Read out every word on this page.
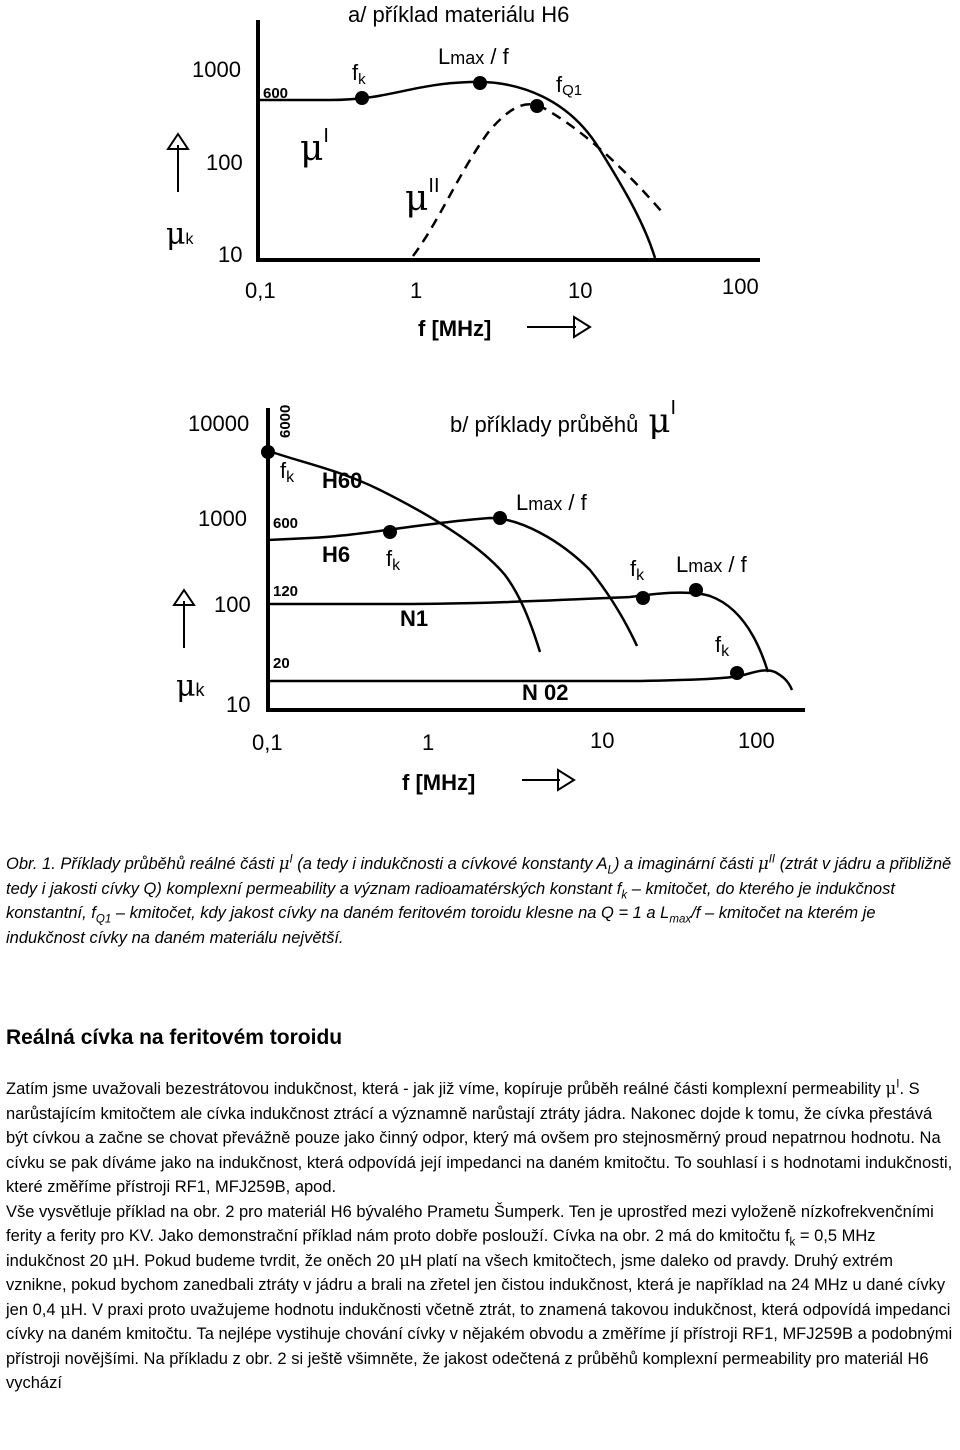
a/ příklad materiálu H6
1000
100
10
600
μk
0,1	1	10	100
f [MHz]
fk
Lmax / f
fQ1
μI
μII
b/ příklady průběhů μI
10000
1000
100
10
6000
600
120
20
μk
0,1	1	10	100
f [MHz]
fk H60
H6 fk
N1
Lmax / f
fk Lmax / f
fk
N 02
Obr. 1. Příklady průběhů reálné části $\mu^I$ (a tedy i indukčnosti a cívkové konstanty $A_L$) a imaginární části $\mu^{II}$ (ztrát v jádru a přibližně tedy i jakosti cívky Q) komplexní permeability a význam radioamatérských konstant $f_k$ – kmitočet, do kterého je indukčnost konstantní, $f_{Q1}$ – kmitočet, kdy jakost cívky na daném feritovém toroidu klesne na Q = 1 a $L_{max}/f$ – kmitočet na kterém je indukčnost cívky na daném materiálu největší.
Reálná cívka na feritovém toroidu
Zatím jsme uvažovali bezestrátovou indukčnost, která - jak již víme, kopíruje průběh reálné části komplexní permeability $\mu^I$. S narůstajícím kmitočtem ale cívka indukčnost ztrácí a významně narůstají ztráty jádra. Nakonec dojde k tomu, že cívka přestává být cívkou a začne se chovat převážně pouze jako činný odpor, který má ovšem pro stejnosměrný proud nepatrnou hodnotu. Na cívku se pak díváme jako na indukčnost, která odpovídá její impedanci na daném kmitočtu. To souhlasí i s hodnotami indukčnosti, které změříme přístroji RF1, MFJ259B, apod.
Vše vysvětluje příklad na obr. 2 pro materiál H6 bývalého Prametu Šumperk. Ten je uprostřed mezi vyloženě nízkofrekvenčními ferity a ferity pro KV. Jako demonstrační příklad nám proto dobře poslouží. Cívka na obr. 2 má do kmitočtu $f_k = 0,5$ MHz indukčnost 20 μH. Pokud budeme tvrdit, že oněch 20 μH platí na všech kmitočtech, jsme daleko od pravdy. Druhý extrém vznikne, pokud bychom zanedbali ztráty v jádru a brali na zřetel jen čistou indukčnost, která je například na 24 MHz u dané cívky jen 0,4 μH. V praxi proto uvažujeme hodnotu indukčnosti včetně ztrát, to znamená takovou indukčnost, která odpovídá impedanci cívky na daném kmitočtu. Ta nejlépe vystihuje chování cívky v nějakém obvodu a změříme jí přístroji RF1, MFJ259B a podobnými přístroji novějšími. Na příkladu z obr. 2 si ještě všimněte, že jakost odečtená z průběhů komplexní permeability pro materiál H6 vychází
